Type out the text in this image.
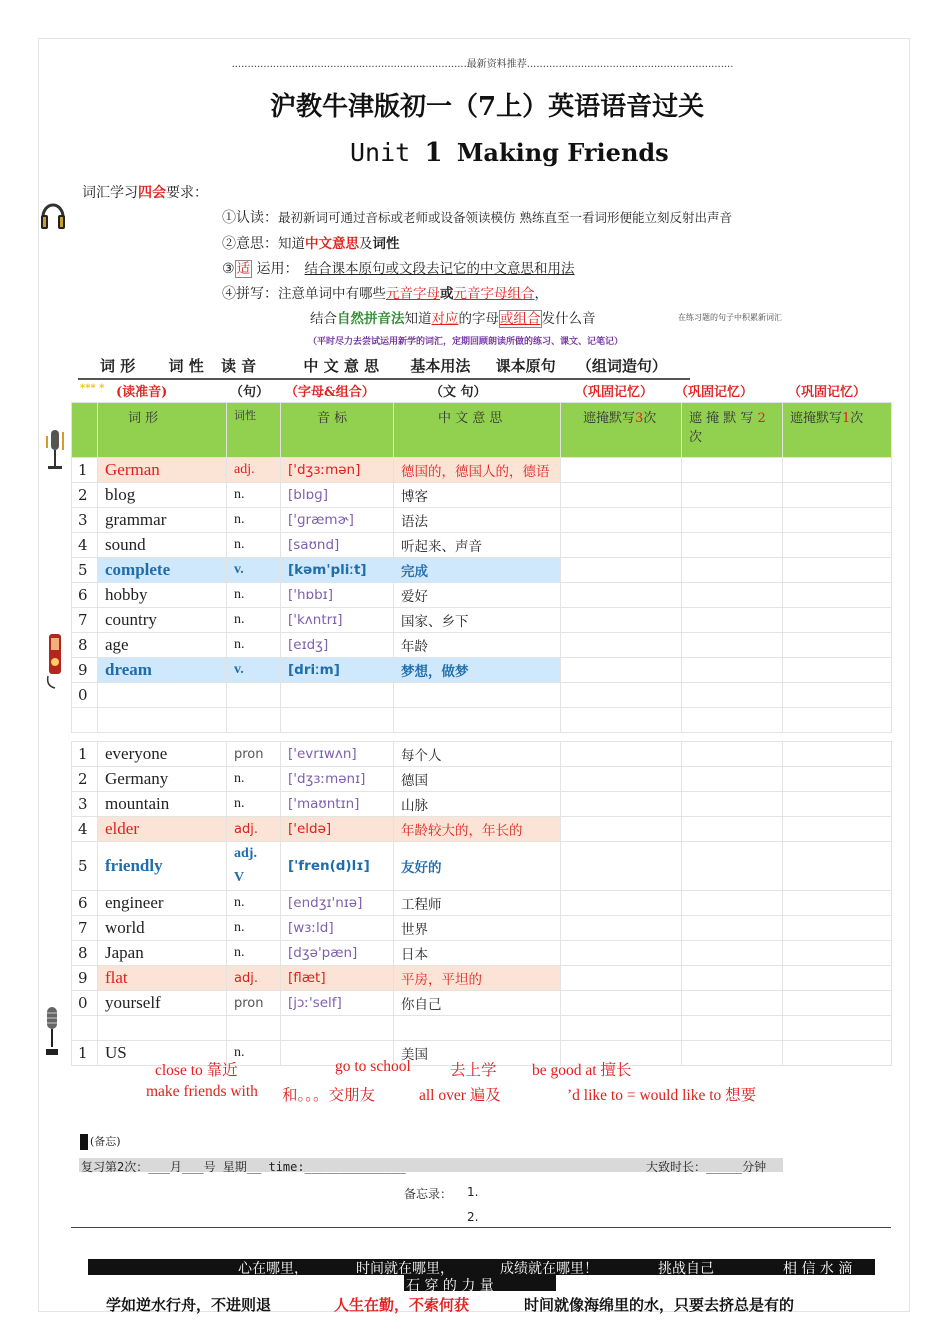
..........................................................................最新资料推荐.................................................................
沪教牛津版初一（7上）英语语音过关
Unit 1 Making Friends
词汇学习四会要求：
①认读：最初新词可通过音标或老师或设备领读模仿 熟练直至一看词形便能立刻反射出声音
②意思：知道中文意思及词性
③ 适 运用： 结合课本原句或文段去记它的中文意思和用法
④拼写：注意单词中有哪些元音字母或元音字母组合，
结合自然拼音法知道对应的字母或组合发什么音	在练习题的句子中积累新词汇
（平时尽力去尝试运用新学的词汇，定期回顾朗读所做的练习、课文、记笔记）
词 形 词 性 读 音	中 文 意 思 基本用法 课本原句 （组词造句）
*** * (读准音)	（句） （字母&组合）	（文 句）	（巩固记忆） （巩固记忆）	（巩固记忆）
	词 形	词性	音 标	中 文 意 思	遮掩默写3次	遮 掩 默 写 2
次	遮掩默写1次
1	German	adj.	['dʒɜːmən]	德国的，德国人的，德语			
2	blog	n.	[blɒɡ]	博客			
3	grammar	n.	['ɡræmɚ]	语法			
4	sound	n.	[saʊnd]	听起来、声音			
5	complete	v.	[kəm'pliːt]	完成			
6	hobby	n.	['hɒbɪ]	爱好			
7	country	n.	['kʌntrɪ]	国家、乡下			
8	age	n.	[eɪdʒ]	年龄			
9	dream	v.	[driːm]	梦想，做梦			
0							

1	everyone	pron	['evrɪwʌn]	每个人			
2	Germany	n.	['dʒɜːmənɪ]	德国			
3	mountain	n.	['maʊntɪn]	山脉			
4	elder	adj.	['eldə]	年龄较大的，年长的			
5	friendly	adj.
V	['fren(d)lɪ]	友好的			
6	engineer	n.	[endʒɪ'nɪə]	工程师			
7	world	n.	[wɜːld]	世界			
8	Japan	n.	[dʒə'pæn]	日本			
9	flat	adj.	[flæt]	平房，平坦的			
0	yourself	pron	[jɔː'self]	你自己			

1	US	n.		美国			
close to 靠近	go to school	去上学 be good at 擅长
make friends with 和。。。交朋友	all over 遍及	’d like to = would like to 想要
(备忘)
复习第2次：___月___号 星期__ time:______________	大致时长：_____分钟
备忘录： 1.
2.
心在哪里，	时间就在哪里，	成绩就在哪里！	挑战自己	相 信 水 滴
石 穿 的 力 量
学如逆水行舟，不进则退	人生在勤，不索何获	时间就像海绵里的水，只要去挤总是有的
